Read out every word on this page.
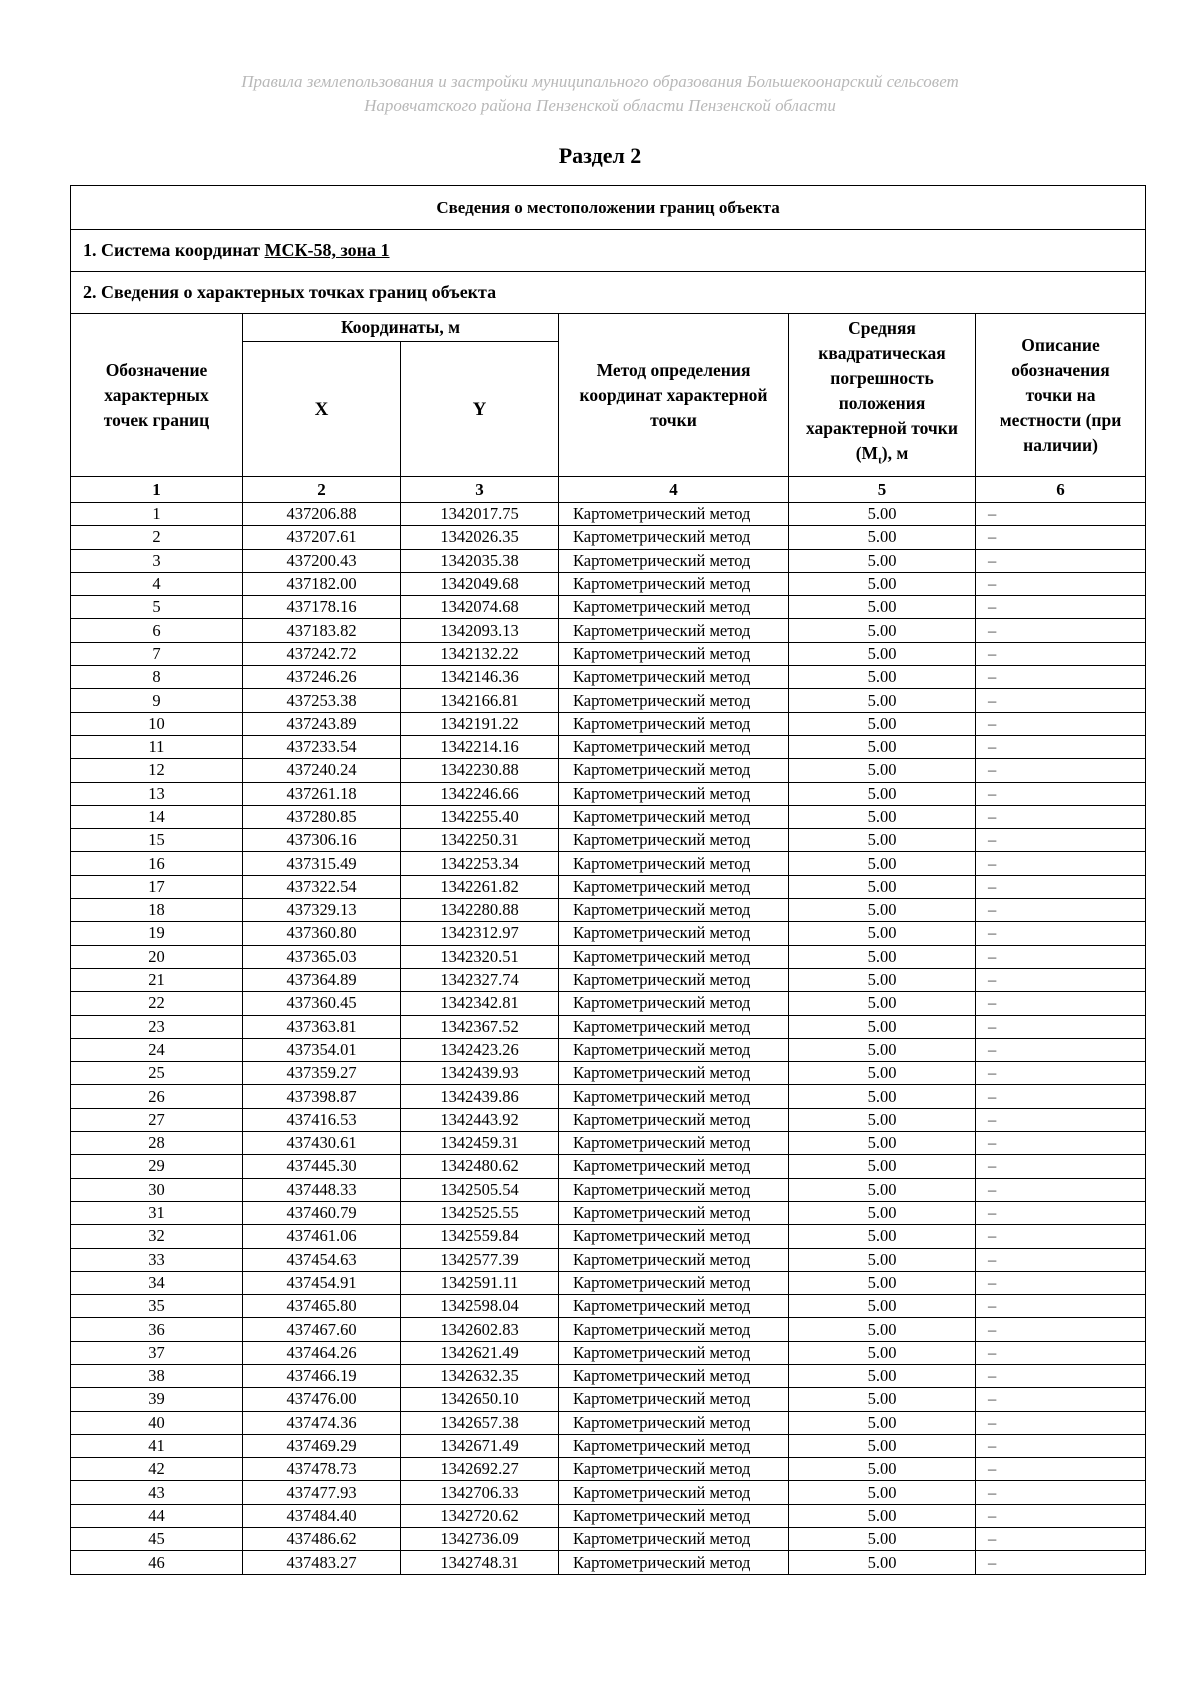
Правила землепользования и застройки муниципального образования Большекоонарский сельсовет
Наровчатского района Пензенской области Пензенской области
Раздел 2
Сведения о местоположении границ объекта					
1. Система координат МСК-58, зона 1					
2. Сведения о характерных точках границ объекта					
Обозначение характерных точек границ	Координаты, м		Метод определения координат характерной точки	Средняя квадратическая погрешность положения характерной точки $(M_t)$, м	Описание обозначения точки на местности (при наличии)
	X	Y			
1	2	3	4	5	6
1	437206.88	1342017.75	Картометрический метод	5.00	–
2	437207.61	1342026.35	Картометрический метод	5.00	–
3	437200.43	1342035.38	Картометрический метод	5.00	–
4	437182.00	1342049.68	Картометрический метод	5.00	–
5	437178.16	1342074.68	Картометрический метод	5.00	–
6	437183.82	1342093.13	Картометрический метод	5.00	–
7	437242.72	1342132.22	Картометрический метод	5.00	–
8	437246.26	1342146.36	Картометрический метод	5.00	–
9	437253.38	1342166.81	Картометрический метод	5.00	–
10	437243.89	1342191.22	Картометрический метод	5.00	–
11	437233.54	1342214.16	Картометрический метод	5.00	–
12	437240.24	1342230.88	Картометрический метод	5.00	–
13	437261.18	1342246.66	Картометрический метод	5.00	–
14	437280.85	1342255.40	Картометрический метод	5.00	–
15	437306.16	1342250.31	Картометрический метод	5.00	–
16	437315.49	1342253.34	Картометрический метод	5.00	–
17	437322.54	1342261.82	Картометрический метод	5.00	–
18	437329.13	1342280.88	Картометрический метод	5.00	–
19	437360.80	1342312.97	Картометрический метод	5.00	–
20	437365.03	1342320.51	Картометрический метод	5.00	–
21	437364.89	1342327.74	Картометрический метод	5.00	–
22	437360.45	1342342.81	Картометрический метод	5.00	–
23	437363.81	1342367.52	Картометрический метод	5.00	–
24	437354.01	1342423.26	Картометрический метод	5.00	–
25	437359.27	1342439.93	Картометрический метод	5.00	–
26	437398.87	1342439.86	Картометрический метод	5.00	–
27	437416.53	1342443.92	Картометрический метод	5.00	–
28	437430.61	1342459.31	Картометрический метод	5.00	–
29	437445.30	1342480.62	Картометрический метод	5.00	–
30	437448.33	1342505.54	Картометрический метод	5.00	–
31	437460.79	1342525.55	Картометрический метод	5.00	–
32	437461.06	1342559.84	Картометрический метод	5.00	–
33	437454.63	1342577.39	Картометрический метод	5.00	–
34	437454.91	1342591.11	Картометрический метод	5.00	–
35	437465.80	1342598.04	Картометрический метод	5.00	–
36	437467.60	1342602.83	Картометрический метод	5.00	–
37	437464.26	1342621.49	Картометрический метод	5.00	–
38	437466.19	1342632.35	Картометрический метод	5.00	–
39	437476.00	1342650.10	Картометрический метод	5.00	–
40	437474.36	1342657.38	Картометрический метод	5.00	–
41	437469.29	1342671.49	Картометрический метод	5.00	–
42	437478.73	1342692.27	Картометрический метод	5.00	–
43	437477.93	1342706.33	Картометрический метод	5.00	–
44	437484.40	1342720.62	Картометрический метод	5.00	–
45	437486.62	1342736.09	Картометрический метод	5.00	–
46	437483.27	1342748.31	Картометрический метод	5.00	–
